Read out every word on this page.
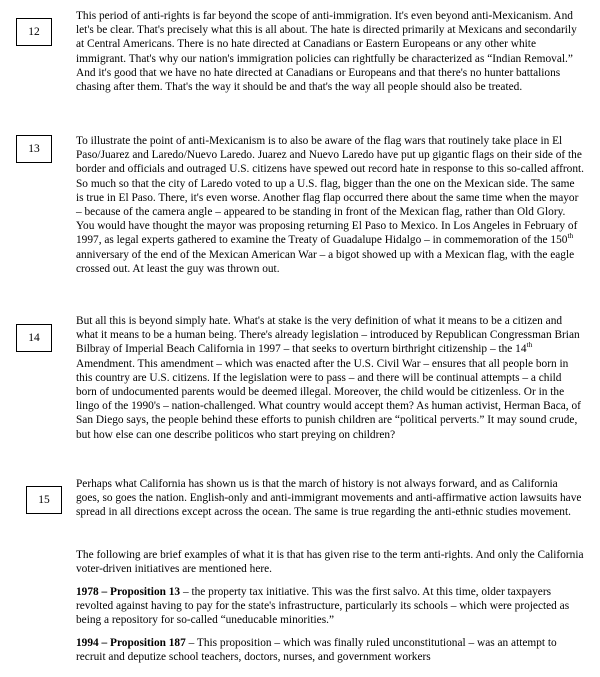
12

This period of anti-rights is far beyond the scope of anti-immigration. It's even beyond anti-Mexicanism. And let's be clear. That's precisely what this is all about. The hate is directed primarily at Mexicans and secondarily at Central Americans. There is no hate directed at Canadians or Eastern Europeans or any other white immigrant. That's why our nation's immigration policies can rightfully be characterized as “Indian Removal.” And it's good that we have no hate directed at Canadians or Europeans and that there's no hunter battalions chasing after them. That's the way it should be and that's the way all people should also be treated.

13

To illustrate the point of anti-Mexicanism is to also be aware of the flag wars that routinely take place in El Paso/Juarez and Laredo/Nuevo Laredo. Juarez and Nuevo Laredo have put up gigantic flags on their side of the border and officials and outraged U.S. citizens have spewed out record hate in response to this so-called affront. So much so that the city of Laredo voted to up a U.S. flag, bigger than the one on the Mexican side. The same is true in El Paso. There, it's even worse. Another flag flap occurred there about the same time when the mayor – because of the camera angle – appeared to be standing in front of the Mexican flag, rather than Old Glory. You would have thought the mayor was proposing returning El Paso to Mexico. In Los Angeles in February of 1997, as legal experts gathered to examine the Treaty of Guadalupe Hidalgo – in commemoration of the 150th anniversary of the end of the Mexican American War – a bigot showed up with a Mexican flag, with the eagle crossed out. At least the guy was thrown out.

14

But all this is beyond simply hate. What's at stake is the very definition of what it means to be a citizen and what it means to be a human being. There's already legislation – introduced by Republican Congressman Brian Bilbray of Imperial Beach California in 1997 – that seeks to overturn birthright citizenship – the 14th Amendment. This amendment – which was enacted after the U.S. Civil War – ensures that all people born in this country are U.S. citizens. If the legislation were to pass – and there will be continual attempts – a child born of undocumented parents would be deemed illegal. Moreover, the child would be citizenless. Or in the lingo of the 1990's – nation-challenged. What country would accept them? As human activist, Herman Baca, of San Diego says, the people behind these efforts to punish children are “political perverts.” It may sound crude, but how else can one describe politicos who start preying on children?

15

Perhaps what California has shown us is that the march of history is not always forward, and as California goes, so goes the nation. English-only and anti-immigrant movements and anti-affirmative action lawsuits have spread in all directions except across the ocean. The same is true regarding the anti-ethnic studies movement.

The following are brief examples of what it is that has given rise to the term anti-rights. And only the California voter-driven initiatives are mentioned here.

1978 – Proposition 13 – the property tax initiative. This was the first salvo. At this time, older taxpayers revolted against having to pay for the state's infrastructure, particularly its schools – which were projected as being a repository for so-called “uneducable minorities.”

1994 – Proposition 187 – This proposition – which was finally ruled unconstitutional – was an attempt to recruit and deputize school teachers, doctors, nurses, and government workers
